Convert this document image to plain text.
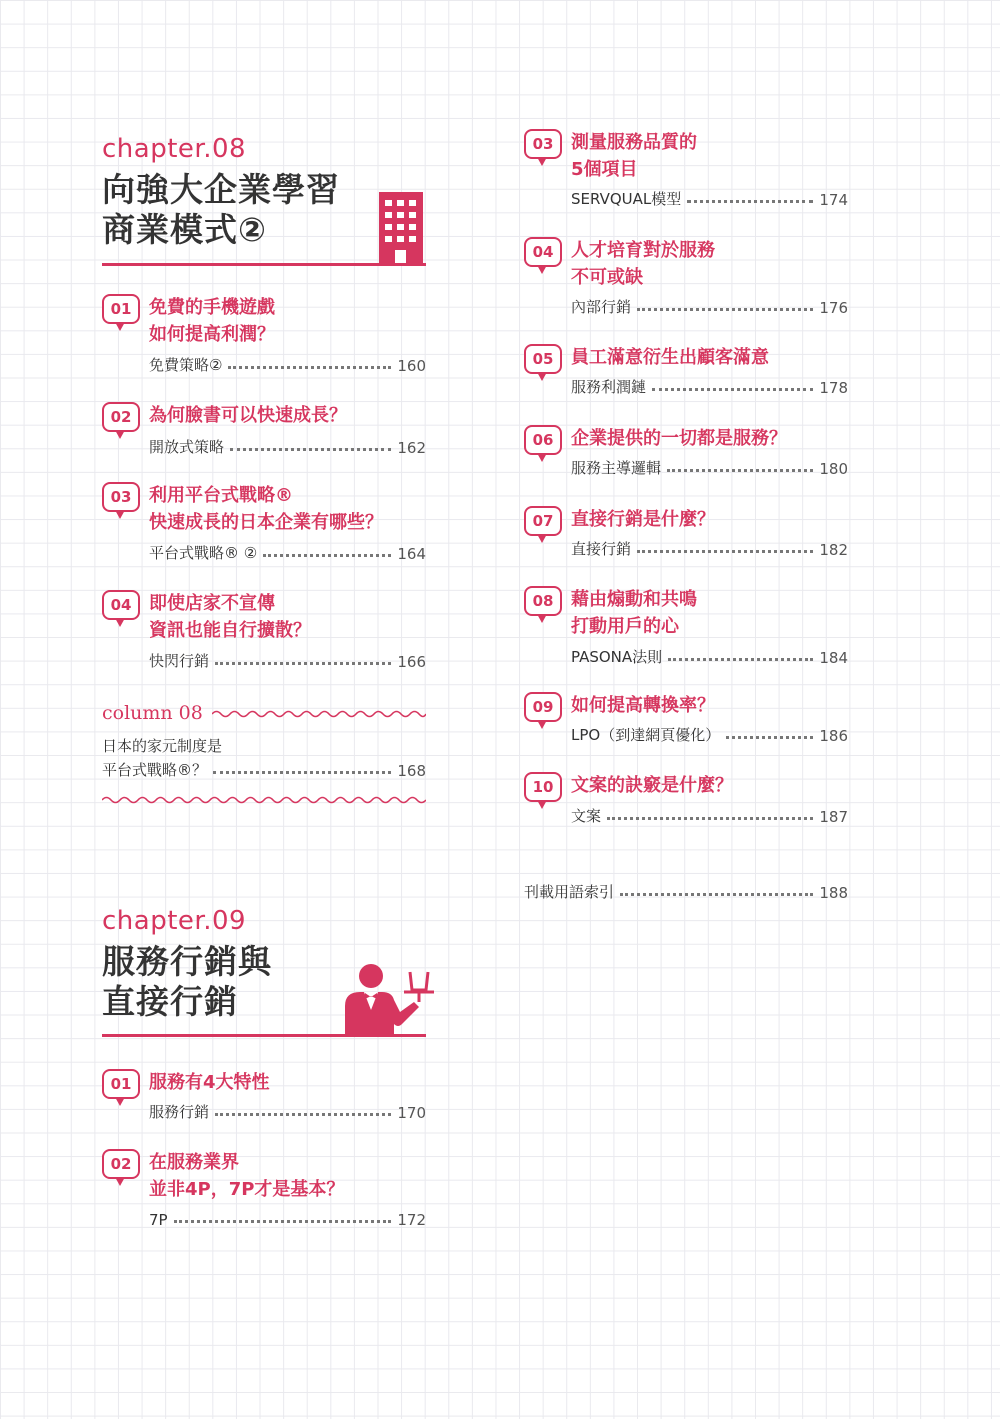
chapter.08
向強大企業學習
商業模式②
01 免費的手機遊戲
如何提高利潤？
免費策略②	160
02 為何臉書可以快速成長？
開放式策略	162
03 利用平台式戰略®
快速成長的日本企業有哪些？
平台式戰略® ②	164
04 即使店家不宣傳
資訊也能自行擴散？
快閃行銷	166
column 08
日本的家元制度是
平台式戰略®？	168
chapter.09
服務行銷與
直接行銷
01 服務有4大特性
服務行銷	170
02 在服務業界
並非4P，7P才是基本？
7P	172
03 測量服務品質的
5個項目
SERVQUAL模型	174
04 人才培育對於服務
不可或缺
內部行銷	176
05 員工滿意衍生出顧客滿意
服務利潤鏈	178
06 企業提供的一切都是服務？
服務主導邏輯	180
07 直接行銷是什麼？
直接行銷	182
08 藉由煽動和共鳴
打動用戶的心
PASONA法則	184
09 如何提高轉換率？
LPO（到達網頁優化）	186
10 文案的訣竅是什麼？
文案	187
刊載用語索引	188
